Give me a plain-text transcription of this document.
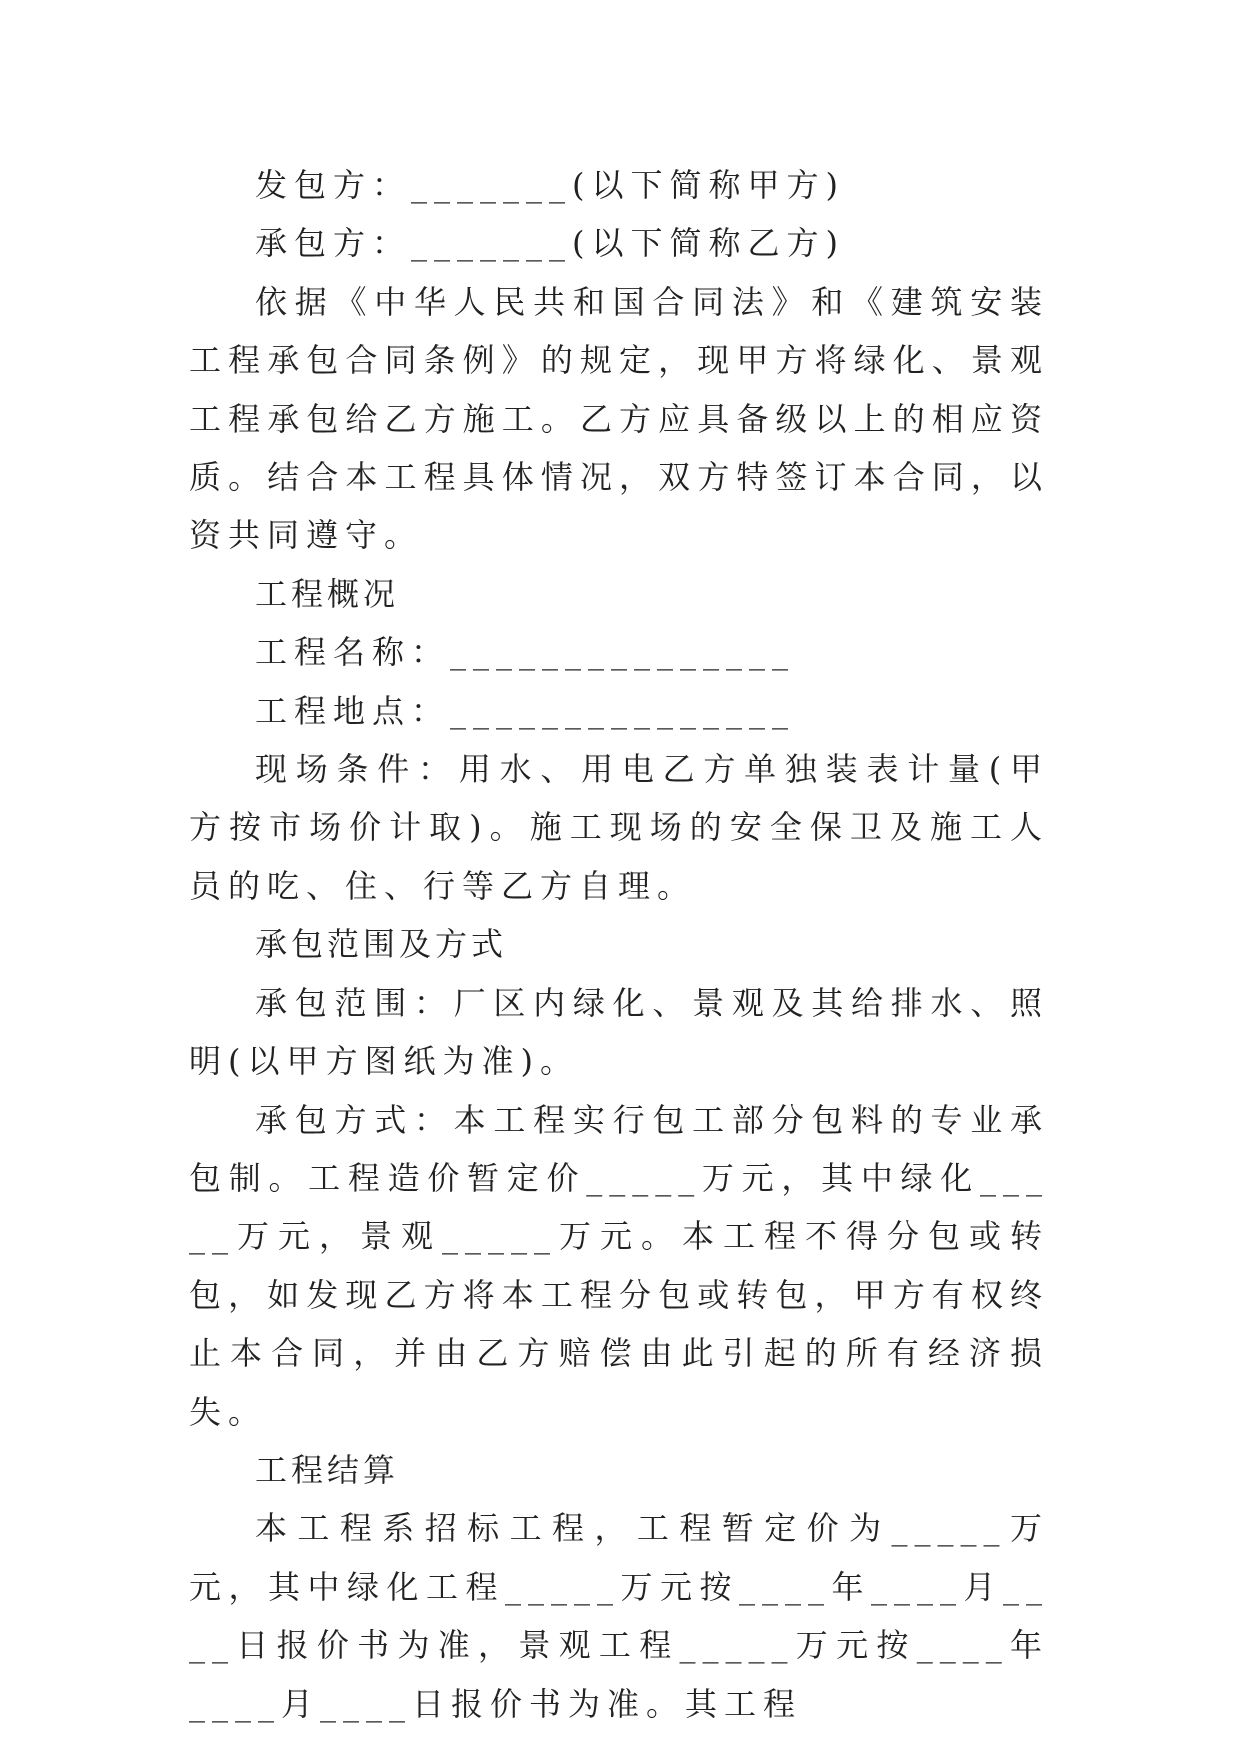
发包方：_______(以下简称甲方)

承包方：_______(以下简称乙方)

依据《中华人民共和国合同法》和《建筑安装工程承包合同条例》的规定，现甲方将绿化、景观工程承包给乙方施工。乙方应具备级以上的相应资质。结合本工程具体情况，双方特签订本合同，以资共同遵守。

工程概况

工程名称：_______________

工程地点：_______________

现场条件：用水、用电乙方单独装表计量(甲方按市场价计取)。施工现场的安全保卫及施工人员的吃、住、行等乙方自理。

承包范围及方式

承包范围：厂区内绿化、景观及其给排水、照明(以甲方图纸为准)。

承包方式：本工程实行包工部分包料的专业承包制。工程造价暂定价_____万元，其中绿化_____万元，景观_____万元。本工程不得分包或转包，如发现乙方将本工程分包或转包，甲方有权终止本合同，并由乙方赔偿由此引起的所有经济损失。

工程结算

本工程系招标工程，工程暂定价为_____万元，其中绿化工程_____万元按____年____月____日报价书为准，景观工程_____万元按____年____月____日报价书为准。其工程
